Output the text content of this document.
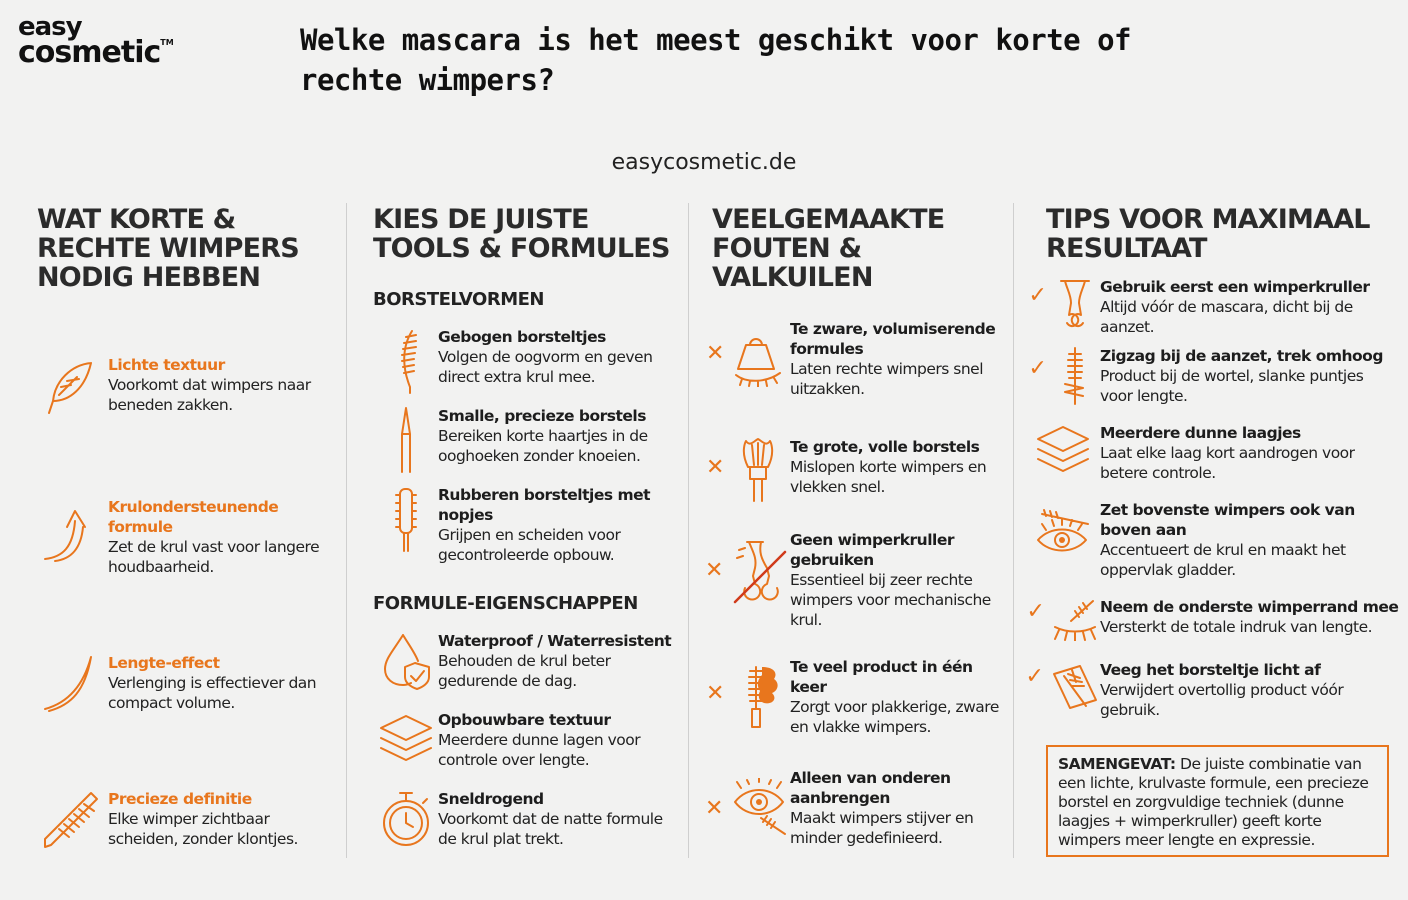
easy
cosmetic™	Welke mascara is het meest geschikt voor korte of rechte wimpers?
easycosmetic.de
WAT KORTE & RECHTE WIMPERS NODIG HEBBEN
Lichte textuur
Voorkomt dat wimpers naar beneden zakken.
Krulondersteunende formule
Zet de krul vast voor langere houdbaarheid.
Lengte-effect
Verlenging is effectiever dan compact volume.
Precieze definitie
Elke wimper zichtbaar scheiden, zonder klontjes.
KIES DE JUISTE TOOLS & FORMULES
BORSTELVORMEN
Gebogen borsteltjes
Volgen de oogvorm en geven direct extra krul mee.
Smalle, precieze borstels
Bereiken korte haartjes in de ooghoeken zonder knoeien.
Rubberen borsteltjes met nopjes
Grijpen en scheiden voor gecontroleerde opbouw.
FORMULE-EIGENSCHAPPEN
Waterproof / Waterresistent
Behouden de krul beter gedurende de dag.
Opbouwbare textuur
Meerdere dunne lagen voor controle over lengte.
Sneldrogend
Voorkomt dat de natte formule de krul plat trekt.
VEELGEMAAKTE FOUTEN & VALKUILEN
✕
Te zware, volumiserende formules
Laten rechte wimpers snel uitzakken.
✕
Te grote, volle borstels
Mislopen korte wimpers en vlekken snel.
✕
Geen wimperkruller gebruiken
Essentieel bij zeer rechte wimpers voor mechanische krul.
✕
Te veel product in één keer
Zorgt voor plakkerige, zware en vlakke wimpers.
✕
Alleen van onderen aanbrengen
Maakt wimpers stijver en minder gedefinieerd.
TIPS VOOR MAXIMAAL RESULTAAT
✓	Gebruik eerst een wimperkruller
Altijd vóór de mascara, dicht bij de aanzet.
✓	Zigzag bij de aanzet, trek omhoog
Product bij de wortel, slanke puntjes voor lengte.
Meerdere dunne laagjes
Laat elke laag kort aandrogen voor betere controle.
Zet bovenste wimpers ook van boven aan
Accentueert de krul en maakt het oppervlak gladder.
✓	Neem de onderste wimperrand mee
Versterkt de totale indruk van lengte.
✓	Veeg het borsteltje licht af
Verwijdert overtollig product vóór gebruik.
SAMENGEVAT: De juiste combinatie van een lichte, krulvaste formule, een precieze borstel en zorgvuldige techniek (dunne laagjes + wimperkruller) geeft korte wimpers meer lengte en expressie.
